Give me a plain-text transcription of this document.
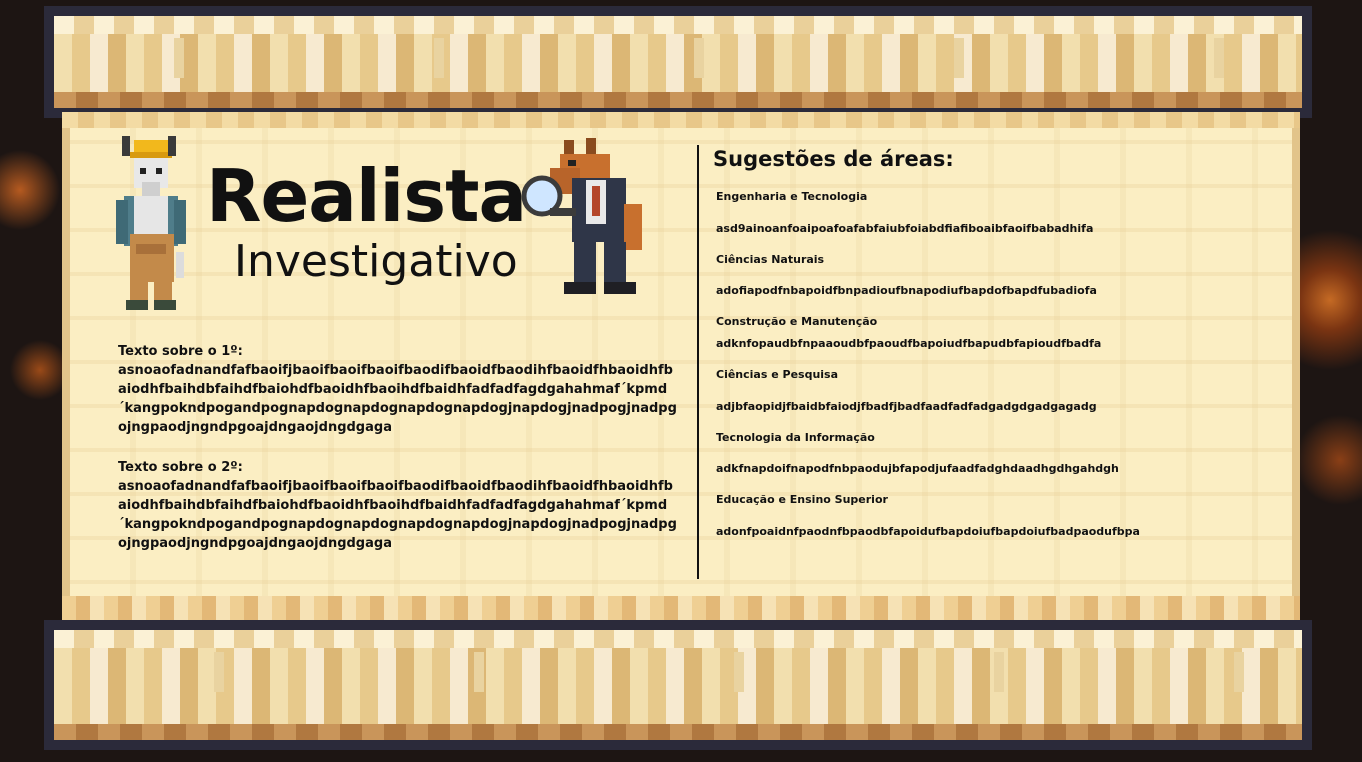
Realista
Investigativo
Texto sobre o 1º:
asnoaofadnandfafbaoifjbaoifbaoifbaoifbaodifbaoidfbaodihfbaoidfhbaoidhfbaiodhfbaihdbfaihdfbaiohdfbaoidhfbaoihdfbaidhfadfadfagdgahahmaf´kpmd´kangpokndpogandpognapdognapdognapdognapdogjnapdogjnadpogjnadpgojngpaodjngndpgoajdngaojdngdgaga
Texto sobre o 2º:
asnoaofadnandfafbaoifjbaoifbaoifbaoifbaodifbaoidfbaodihfbaoidfhbaoidhfbaiodhfbaihdbfaihdfbaiohdfbaoidhfbaoihdfbaidhfadfadfagdgahahmaf´kpmd´kangpokndpogandpognapdognapdognapdognapdogjnapdogjnadpogjnadpgojngpaodjngndpgoajdngaojdngdgaga
Sugestões de áreas:
Engenharia e Tecnologia
asd9ainoanfoaipoafoafabfaiubfoiabdfiafiboaibfaoifbabadhifa
Ciências Naturais
adofiapodfnbapoidfbnpadioufbnapodiufbapdofbapdfubadiofa
Construção e Manutenção
adknfopaudbfnpaaoudbfpaoudfbapoiudfbapudbfapioudfbadfa
Ciências e Pesquisa
adjbfaopidjfbaidbfaiodjfbadfjbadfaadfadfadgadgdgadgagadg
Tecnologia da Informação
adkfnapdoifnapodfnbpaodujbfapodjufaadfadghdaadhgdhgahdgh
Educação e Ensino Superior
adonfpoaidnfpaodnfbpaodbfapoidufbapdoiufbapdoiufbadpaodufbpa
